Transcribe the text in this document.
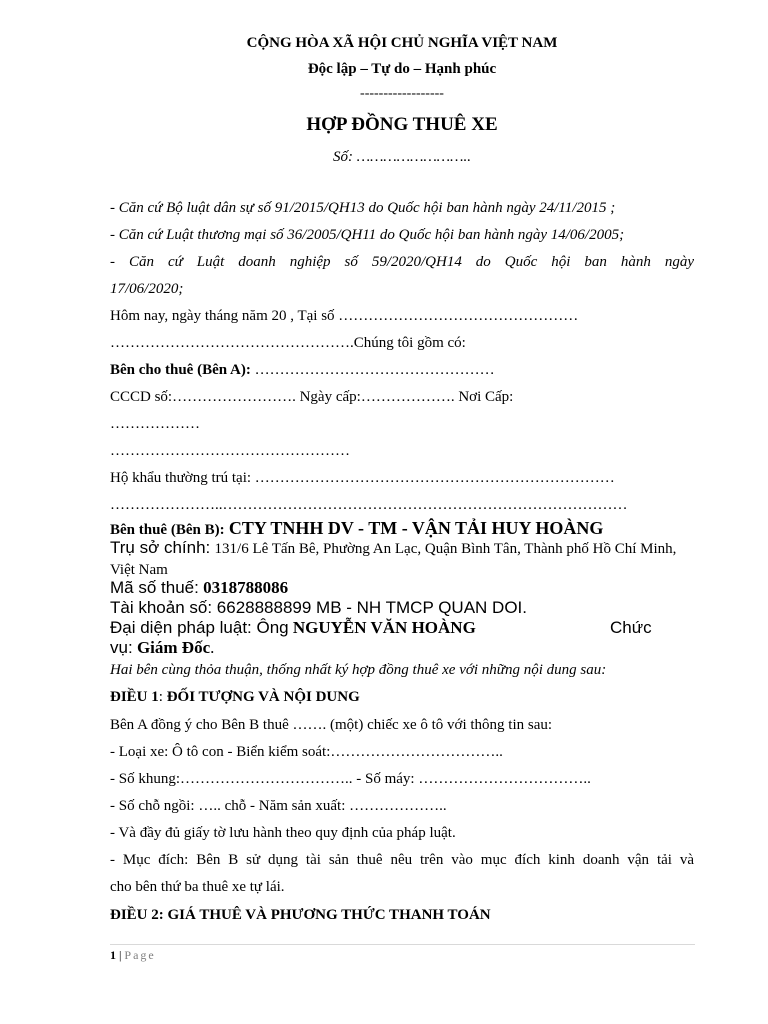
CỘNG HÒA XÃ HỘI CHỦ NGHĨA VIỆT NAM
Độc lập – Tự do – Hạnh phúc
------------------
HỢP ĐỒNG THUÊ XE
Số: ……………………..
- Căn cứ Bộ luật dân sự số 91/2015/QH13 do Quốc hội ban hành ngày 24/11/2015 ;
- Căn cứ Luật thương mại số 36/2005/QH11 do Quốc hội ban hành ngày 14/06/2005;
- Căn cứ Luật doanh nghiệp số 59/2020/QH14 do Quốc hội ban hành ngày
17/06/2020;
Hôm nay, ngày tháng năm 20 , Tại số …………………………………………
………………………………………….Chúng tôi gồm có:
Bên cho thuê (Bên A): …………………………………………
CCCD số:……………………. Ngày cấp:………………. Nơi Cấp:
………………
…………………………………………
Hộ khẩu thường trú tại: ………………………………………………………………
…………………..………………………………………………………………………
Bên thuê (Bên B): CTY TNHH DV - TM - VẬN TẢI HUY HOÀNG
Trụ sở chính: 131/6 Lê Tấn Bê, Phường An Lạc, Quận Bình Tân, Thành phố Hồ Chí Minh, Việt Nam
Mã số thuế: 0318788086
Tài khoản số: 6628888899 MB - NH TMCP QUAN DOI.
Đại diện pháp luật: Ông NGUYỄN VĂN HOÀNG	Chức
vụ: Giám Đốc.
Hai bên cùng thỏa thuận, thống nhất ký hợp đồng thuê xe với những nội dung sau:
ĐIỀU 1: ĐỐI TƯỢNG VÀ NỘI DUNG
Bên A đồng ý cho Bên B thuê ……. (một) chiếc xe ô tô với thông tin sau:
- Loại xe: Ô tô con - Biển kiểm soát:……………………………..
- Số khung:…………………………….. - Số máy: ……………………………..
- Số chỗ ngồi: ….. chỗ - Năm sản xuất: ………………..
- Và đầy đủ giấy tờ lưu hành theo quy định của pháp luật.
- Mục đích: Bên B sử dụng tài sản thuê nêu trên vào mục đích kinh doanh vận tải và
cho bên thứ ba thuê xe tự lái.
ĐIỀU 2: GIÁ THUÊ VÀ PHƯƠNG THỨC THANH TOÁN
1 | Page
